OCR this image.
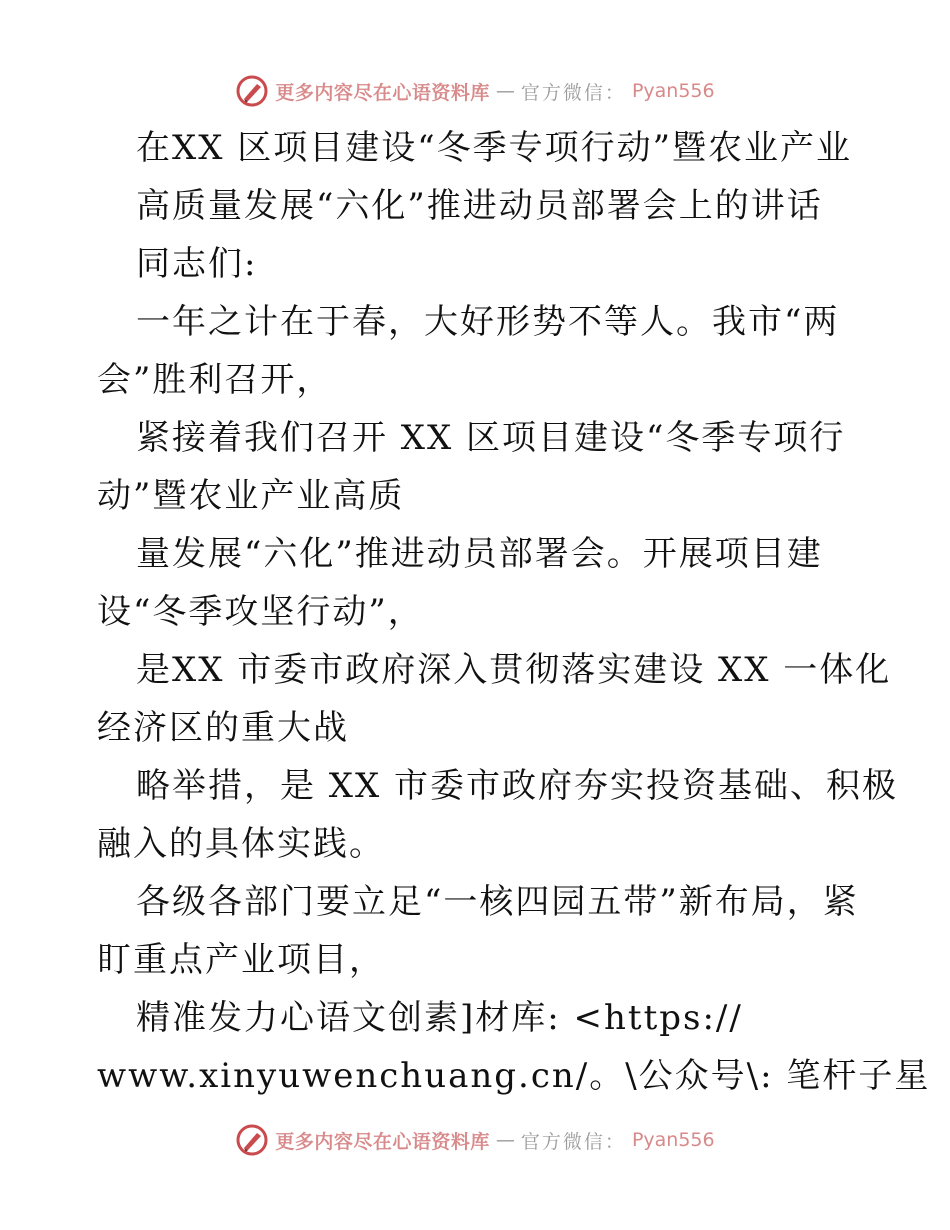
更多内容尽在心语资料库 — 官方微信： Pyan556
在XX 区项目建设“冬季专项行动”暨农业产业
高质量发展“六化”推进动员部署会上的讲话
同志们:
一年之计在于春，大好形势不等人。我市“两
会”胜利召开，
紧接着我们召开 XX 区项目建设“冬季专项行
动”暨农业产业高质
量发展“六化”推进动员部署会。开展项目建
设“冬季攻坚行动”，
是XX 市委市政府深入贯彻落实建设 XX 一体化
经济区的重大战
略举措，是 XX 市委市政府夯实投资基础、积极
融入的具体实践。
各级各部门要立足“一核四园五带”新布局，紧
盯重点产业项目，
精准发力心语文创素]材库: <https://
www.xinyuwenchuang.cn/。\公众号\: 笔杆子星
更多内容尽在心语资料库 — 官方微信： Pyan556
